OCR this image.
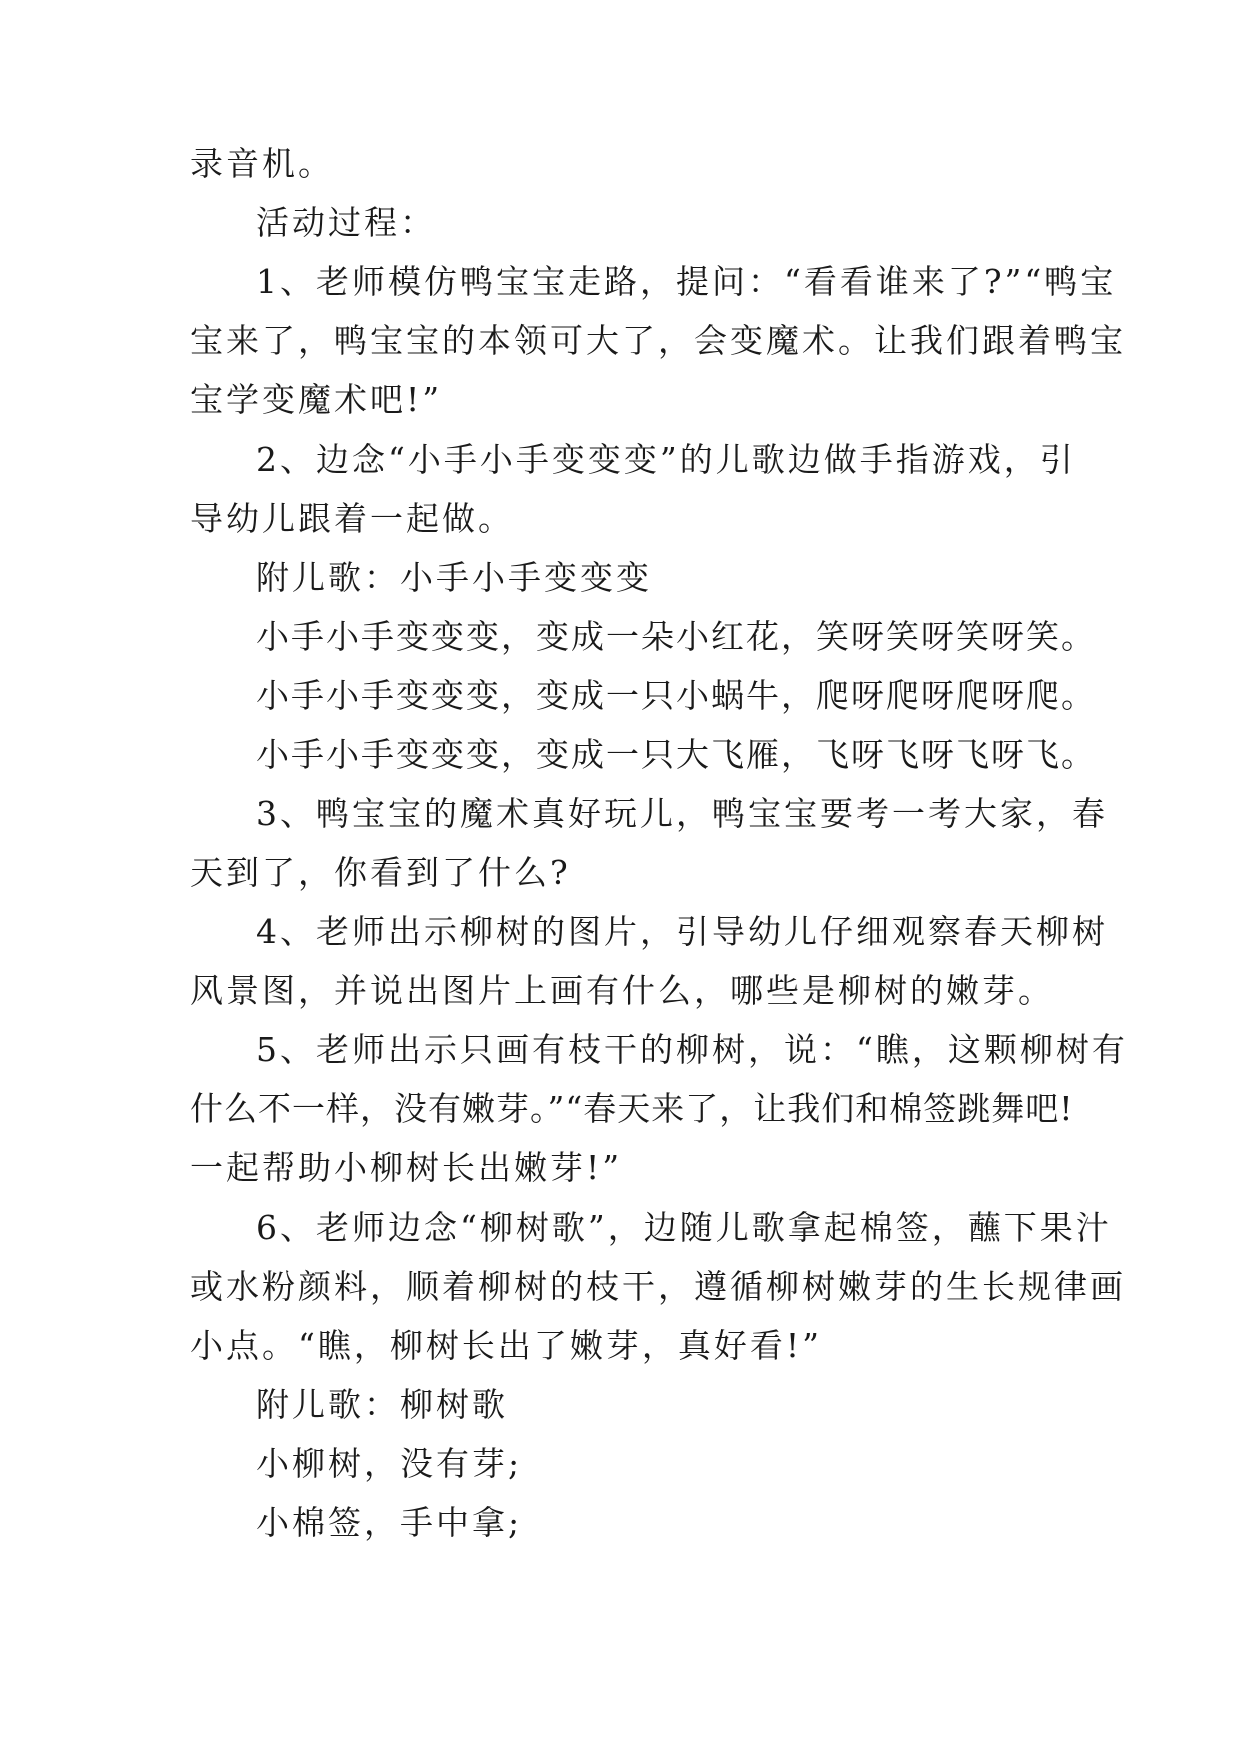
录音机。

活动过程：

1、老师模仿鸭宝宝走路，提问：“看看谁来了?”“鸭宝

宝来了，鸭宝宝的本领可大了，会变魔术。让我们跟着鸭宝

宝学变魔术吧!”

2、边念“小手小手变变变”的儿歌边做手指游戏，引

导幼儿跟着一起做。

附儿歌：小手小手变变变

小手小手变变变，变成一朵小红花，笑呀笑呀笑呀笑。

小手小手变变变，变成一只小蜗牛，爬呀爬呀爬呀爬。

小手小手变变变，变成一只大飞雁，飞呀飞呀飞呀飞。

3、鸭宝宝的魔术真好玩儿，鸭宝宝要考一考大家，春

天到了，你看到了什么?

4、老师出示柳树的图片，引导幼儿仔细观察春天柳树

风景图，并说出图片上画有什么，哪些是柳树的嫩芽。

5、老师出示只画有枝干的柳树，说：“瞧，这颗柳树有

什么不一样，没有嫩芽。”“春天来了，让我们和棉签跳舞吧!

一起帮助小柳树长出嫩芽!”

6、老师边念“柳树歌”，边随儿歌拿起棉签，蘸下果汁

或水粉颜料，顺着柳树的枝干，遵循柳树嫩芽的生长规律画

小点。“瞧，柳树长出了嫩芽，真好看!”

附儿歌：柳树歌

小柳树，没有芽;

小棉签，手中拿;
